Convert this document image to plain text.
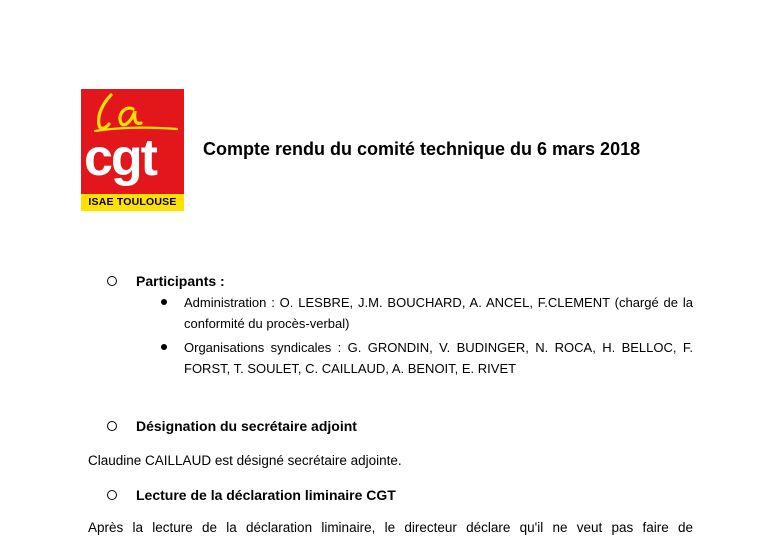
cgt
ISAE TOULOUSE
Compte rendu du comité technique du 6 mars 2018
Participants :
Administration : O. LESBRE, J.M. BOUCHARD, A. ANCEL, F.CLEMENT (chargé de la conformité du procès-verbal)
Organisations syndicales : G. GRONDIN, V. BUDINGER, N. ROCA, H. BELLOC, F. FORST, T. SOULET, C. CAILLAUD, A. BENOIT, E. RIVET
Désignation du secrétaire adjoint
Claudine CAILLAUD est désigné secrétaire adjointe.
Lecture de la déclaration liminaire CGT
Après la lecture de la déclaration liminaire, le directeur déclare qu'il ne veut pas faire de
